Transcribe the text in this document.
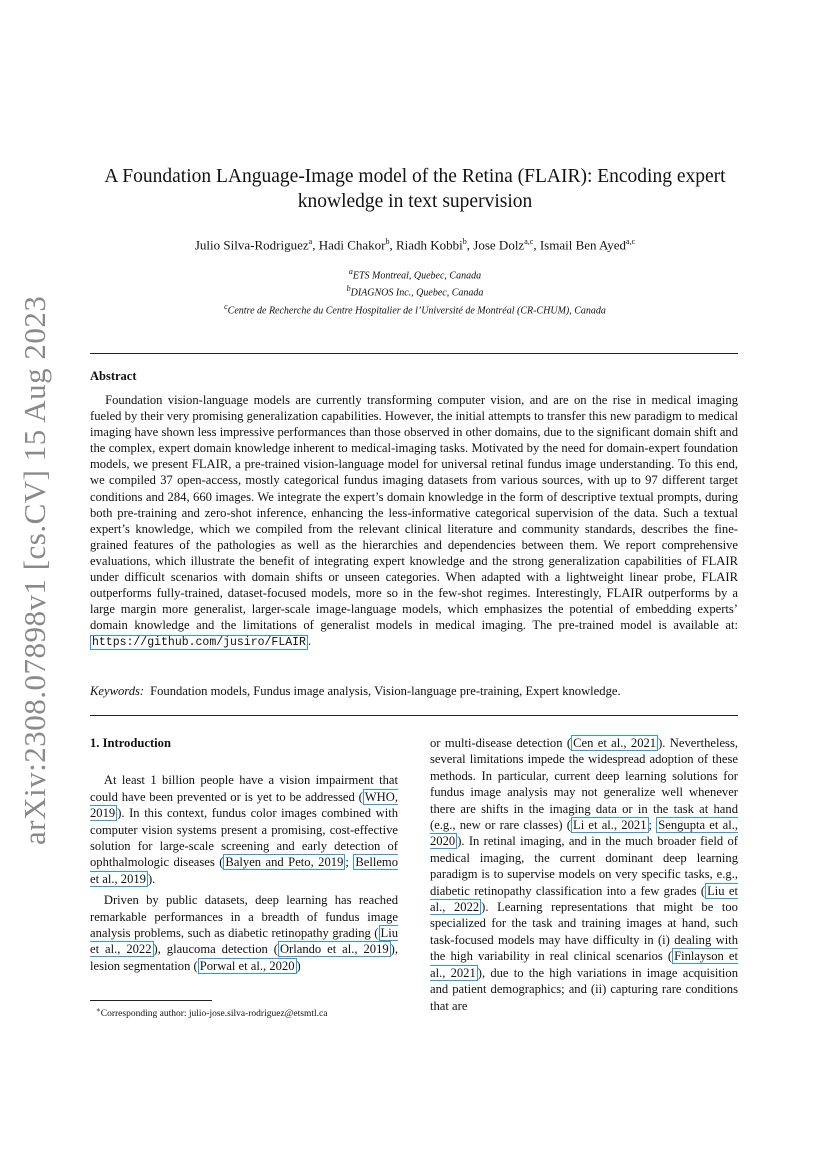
arXiv:2308.07898v1 [cs.CV] 15 Aug 2023
A Foundation LAnguage-Image model of the Retina (FLAIR): Encoding expert knowledge in text supervision
Julio Silva-Rodriguez$^a$, Hadi Chakor$^b$, Riadh Kobbi$^b$, Jose Dolz$^{a,c}$, Ismail Ben Ayed$^{a,c}$
$^a$ETS Montreal, Quebec, Canada
$^b$DIAGNOS Inc., Quebec, Canada
$^c$Centre de Recherche du Centre Hospitalier de l’Université de Montréal (CR-CHUM), Canada
Abstract
Foundation vision-language models are currently transforming computer vision, and are on the rise in medical imaging fueled by their very promising generalization capabilities. However, the initial attempts to transfer this new paradigm to medical imaging have shown less impressive performances than those observed in other domains, due to the significant domain shift and the complex, expert domain knowledge inherent to medical-imaging tasks. Motivated by the need for domain-expert foundation models, we present FLAIR, a pre-trained vision-language model for universal retinal fundus image understanding. To this end, we compiled 37 open-access, mostly categorical fundus imaging datasets from various sources, with up to 97 different target conditions and 284, 660 images. We integrate the expert’s domain knowledge in the form of descriptive textual prompts, during both pre-training and zero-shot inference, enhancing the less-informative categorical supervision of the data. Such a textual expert’s knowledge, which we compiled from the relevant clinical literature and community standards, describes the fine-grained features of the pathologies as well as the hierarchies and dependencies between them. We report comprehensive evaluations, which illustrate the benefit of integrating expert knowledge and the strong generalization capabilities of FLAIR under difficult scenarios with domain shifts or unseen categories. When adapted with a lightweight linear probe, FLAIR outperforms fully-trained, dataset-focused models, more so in the few-shot regimes. Interestingly, FLAIR outperforms by a large margin more generalist, larger-scale image-language models, which emphasizes the potential of embedding experts’ domain knowledge and the limitations of generalist models in medical imaging. The pre-trained model is available at: https://github.com/jusiro/FLAIR .
Keywords: Foundation models, Fundus image analysis, Vision-language pre-training, Expert knowledge.
1. Introduction

At least 1 billion people have a vision impairment that could have been prevented or is yet to be addressed ( WHO, 2019 ). In this context, fundus color images combined with computer vision systems present a promising, cost-effective solution for large-scale screening and early detection of ophthalmologic diseases ( Balyen and Peto, 2019 ; Bellemo et al., 2019 ).

Driven by public datasets, deep learning has reached remarkable performances in a breadth of fundus image analysis problems, such as diabetic retinopathy grading ( Liu et al., 2022 ), glaucoma detection ( Orlando et al., 2019 ), lesion segmentation ( Porwal et al., 2020 )

or multi-disease detection ( Cen et al., 2021 ). Nevertheless, several limitations impede the widespread adoption of these methods. In particular, current deep learning solutions for fundus image analysis may not generalize well whenever there are shifts in the imaging data or in the task at hand (e.g., new or rare classes) ( Li et al., 2021 ; Sengupta et al., 2020 ). In retinal imaging, and in the much broader field of medical imaging, the current dominant deep learning paradigm is to supervise models on very specific tasks, e.g., diabetic retinopathy classification into a few grades ( Liu et al., 2022 ). Learning representations that might be too specialized for the task and training images at hand, such task-focused models may have difficulty in (i) dealing with the high variability in real clinical scenarios ( Finlayson et al., 2021 ), due to the high variations in image acquisition and patient demographics; and (ii) capturing rare conditions that are

∗Corresponding author: julio-jose.silva-rodriguez@etsmtl.ca
